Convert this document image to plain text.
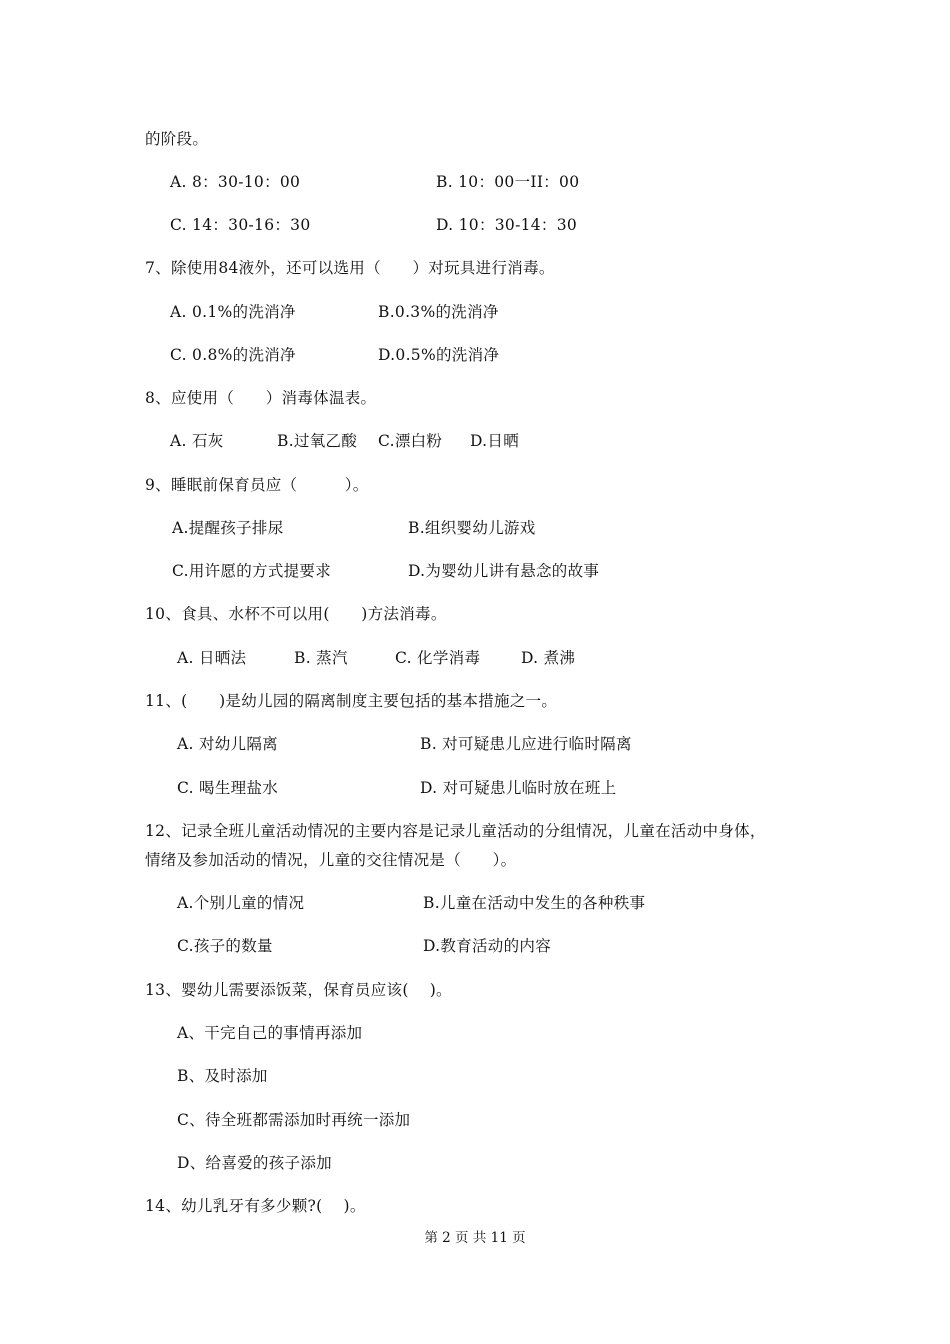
的阶段。
A. 8：30-10：00	B. 10：00一II：00
C. 14：30-16：30	D. 10：30-14：30
7、除使用84液外，还可以选用（　　）对玩具进行消毒。
A. 0.1%的洗消净	B.0.3%的洗消净
C. 0.8%的洗消净	D.0.5%的洗消净
8、应使用（　　）消毒体温表。
A. 石灰	B.过氧乙酸 C.漂白粉 D.日晒
9、睡眠前保育员应（　　　）。
A.提醒孩子排尿	B.组织婴幼儿游戏
C.用许愿的方式提要求	D.为婴幼儿讲有悬念的故事
10、食具、水杯不可以用(　　)方法消毒。
A. 日晒法	B. 蒸汽	C. 化学消毒	D. 煮沸
11、(　　)是幼儿园的隔离制度主要包括的基本措施之一。
A. 对幼儿隔离	B. 对可疑患儿应进行临时隔离
C. 喝生理盐水	D. 对可疑患儿临时放在班上
12、记录全班儿童活动情况的主要内容是记录儿童活动的分组情况，儿童在活动中身体，
情绪及参加活动的情况，儿童的交往情况是（　　）。
A.个别儿童的情况	B.儿童在活动中发生的各种秩事
C.孩子的数量	D.教育活动的内容
13、婴幼儿需要添饭菜，保育员应该(　 )。
A、干完自己的事情再添加
B、及时添加
C、待全班都需添加时再统一添加
D、给喜爱的孩子添加
14、幼儿乳牙有多少颗?(　 )。
第 2 页 共 11 页
